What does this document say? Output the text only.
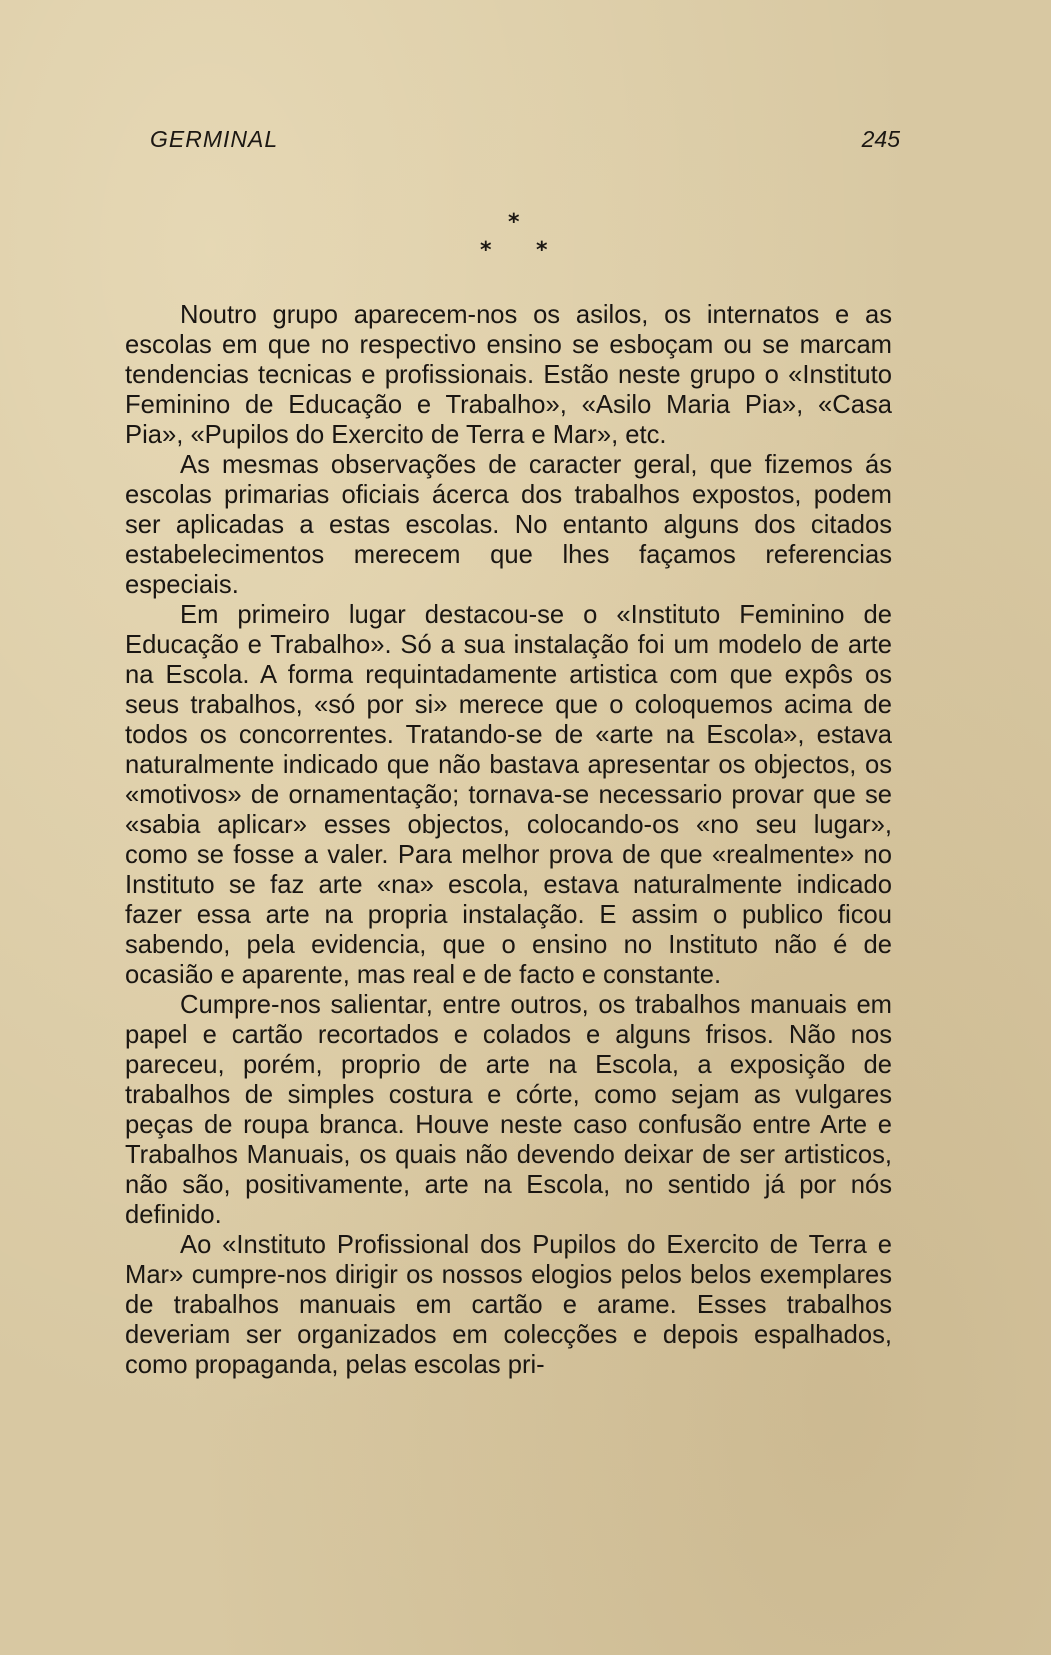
GERMINAL	245
*
* *

Noutro grupo aparecem-nos os asilos, os internatos e as escolas em que no respectivo ensino se esboçam ou se marcam tendencias tecnicas e profissionais. Estão neste grupo o «Instituto Feminino de Educação e Trabalho», «Asilo Maria Pia», «Casa Pia», «Pupilos do Exercito de Terra e Mar», etc.

As mesmas observações de caracter geral, que fizemos ás escolas primarias oficiais ácerca dos trabalhos expostos, podem ser aplicadas a estas escolas. No entanto alguns dos citados estabelecimentos merecem que lhes façamos referencias especiais.

Em primeiro lugar destacou-se o «Instituto Feminino de Educação e Trabalho». Só a sua instalação foi um modelo de arte na Escola. A forma requintadamente artistica com que expôs os seus trabalhos, «só por si» merece que o coloquemos acima de todos os concorrentes. Tratando-se de «arte na Escola», estava naturalmente indicado que não bastava apresentar os objectos, os «motivos» de ornamentação; tornava-se necessario provar que se «sabia aplicar» esses objectos, colocando-os «no seu lugar», como se fosse a valer. Para melhor prova de que «realmente» no Instituto se faz arte «na» escola, estava naturalmente indicado fazer essa arte na propria instalação. E assim o publico ficou sabendo, pela evidencia, que o ensino no Instituto não é de ocasião e aparente, mas real e de facto e constante.

Cumpre-nos salientar, entre outros, os trabalhos manuais em papel e cartão recortados e colados e alguns frisos. Não nos pareceu, porém, proprio de arte na Escola, a exposição de trabalhos de simples costura e córte, como sejam as vulgares peças de roupa branca. Houve neste caso confusão entre Arte e Trabalhos Manuais, os quais não devendo deixar de ser artisticos, não são, positivamente, arte na Escola, no sentido já por nós definido.

Ao «Instituto Profissional dos Pupilos do Exercito de Terra e Mar» cumpre-nos dirigir os nossos elogios pelos belos exemplares de trabalhos manuais em cartão e arame. Esses trabalhos deveriam ser organizados em colecções e depois espalhados, como propaganda, pelas escolas pri-
